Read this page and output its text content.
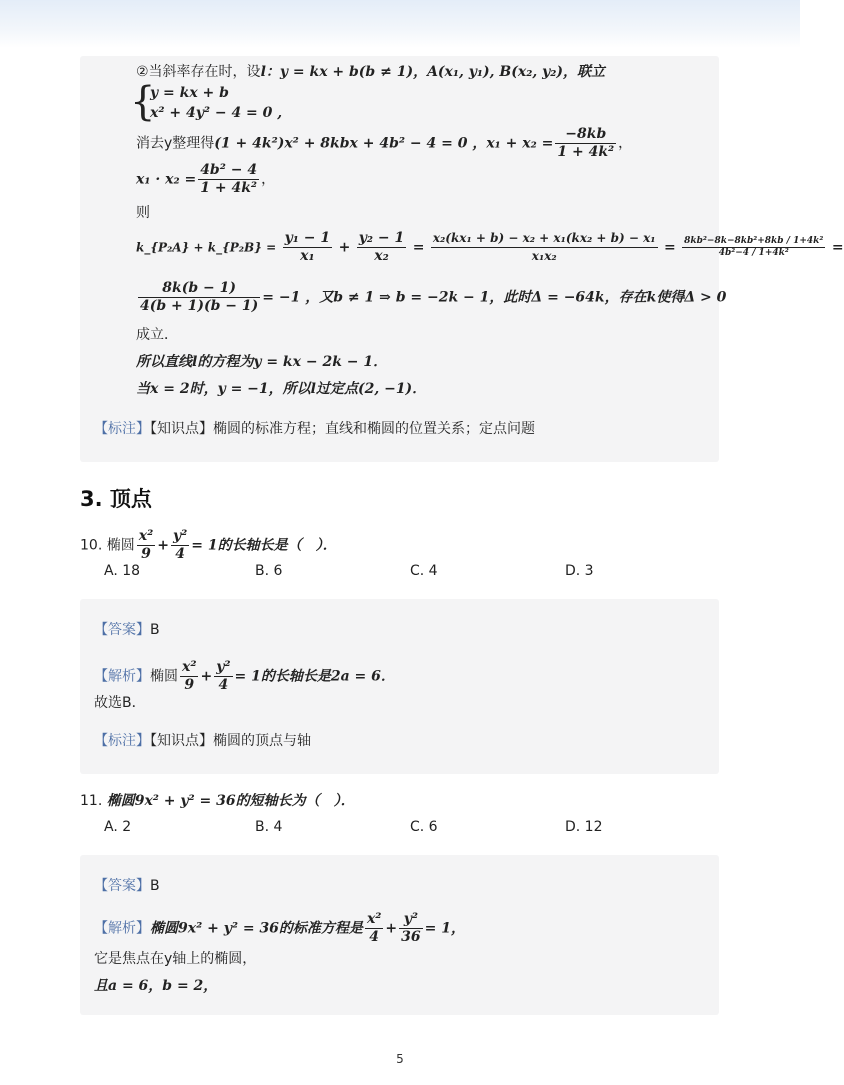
②当斜率存在时，设l：y = kx + b(b ≠ 1)，A(x₁, y₁), B(x₂, y₂)，联立
{
y = kx + b
x² + 4y² − 4 = 0 ,
消去y整理得(1 + 4k²)x² + 8kbx + 4b² − 4 = 0 ，$x_1 + x_2 = \frac{-8kb}{\text{1 + 4k²}}$ ，
$x_1 \cdot x_2 = \frac{\text{4b² − 4}}{\text{1 + 4k²}}$ ，
则
k_{P₂A} + k_{P₂B} = $\frac{\text{y₁ − 1}}{\text{x₁}} + \frac{\text{y₂ − 1}}{\text{x₂}} = \frac{\text{x₂(kx₁ + b) − x₂ + x₁(kx₂ + b) − x₁}}{\text{x₁x₂}} = \frac{\text{8kb²−8k−8kb²+8kb / 1+4k²}}{\text{4b²−4 / 1+4k²}}$ =
$\frac{8k(b - 1)}{4(b + 1)(b - 1)} = -1$ ，又b ≠ 1 ⇒ b = −2k − 1，此时Δ = −64k，存在k使得Δ > 0
成立．
所以直线l的方程为y = kx − 2k − 1．
当x = 2时，y = −1，所以l过定点(2, −1)．
【标注】【知识点】椭圆的标准方程；直线和椭圆的位置关系；定点问题
3. 顶点
10. 椭圆 $\frac{\text{x²}}{9} + \frac{\text{y²}}{4} = 1$的长轴长是（　）．
A. 18	B. 6	C. 4	D. 3
【答案】B
【解析】椭圆 $\frac{\text{x²}}{9} + \frac{\text{y²}}{4} = 1$的长轴长是2a = 6．
故选B．
【标注】【知识点】椭圆的顶点与轴
11. 椭圆9x² + y² = 36的短轴长为（　）．
A. 2	B. 4	C. 6	D. 12
【答案】B
【解析】椭圆9x² + y² = 36的标准方程是 $\frac{\text{x²}}{4} + \frac{\text{y²}}{36} = 1$，
它是焦点在y轴上的椭圆，
且a = 6，b = 2，
5
